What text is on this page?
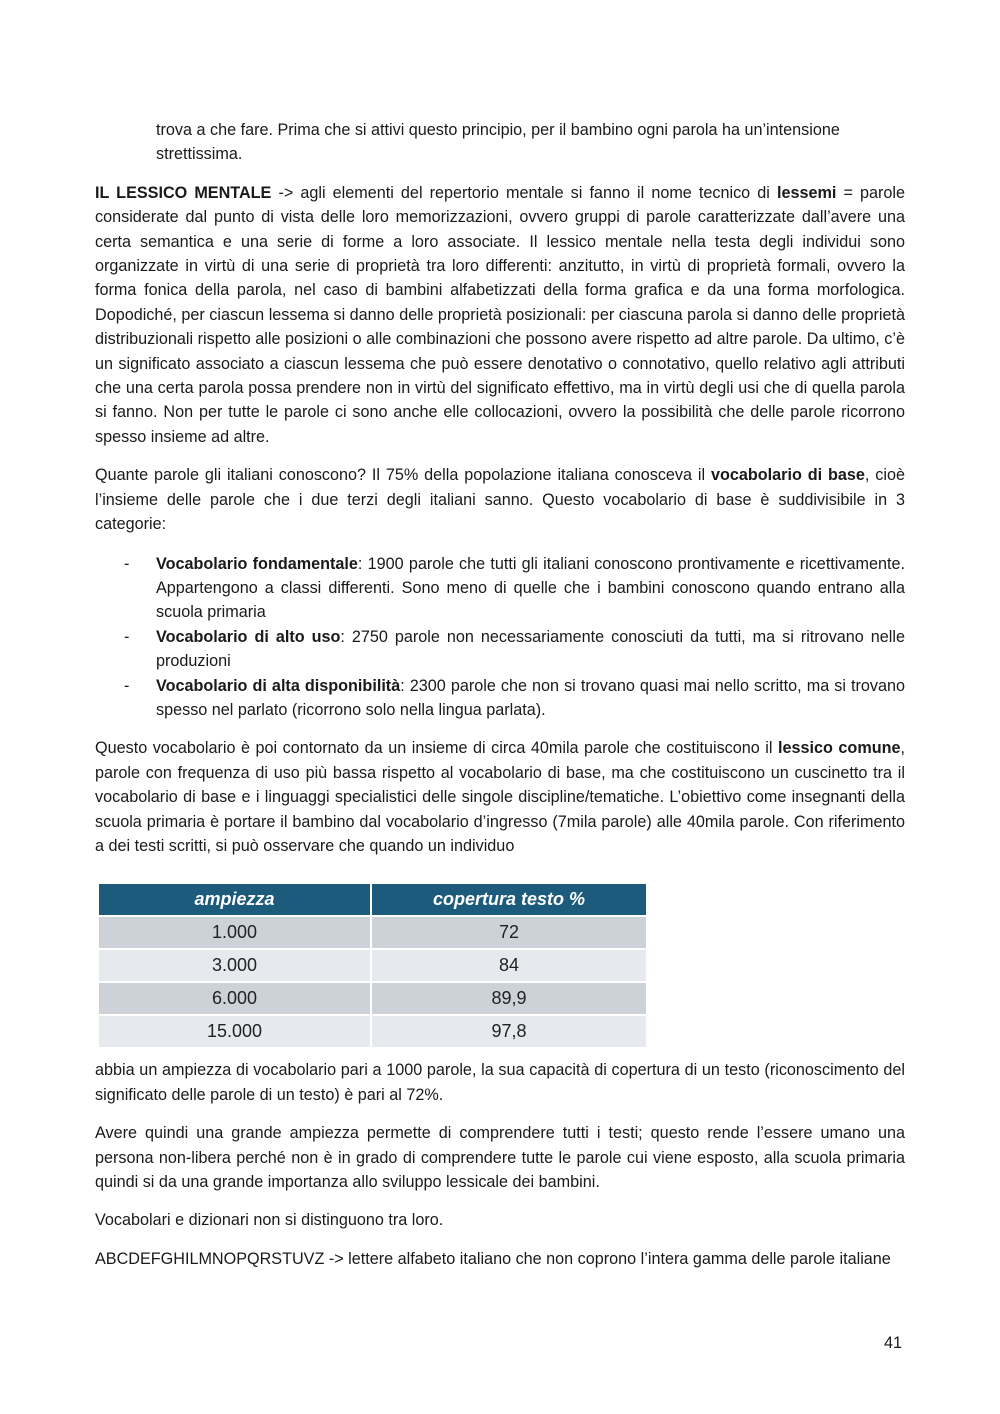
trova a che fare. Prima che si attivi questo principio, per il bambino ogni parola ha un’intensione strettissima.

IL LESSICO MENTALE -> agli elementi del repertorio mentale si fanno il nome tecnico di lessemi = parole considerate dal punto di vista delle loro memorizzazioni, ovvero gruppi di parole caratterizzate dall’avere una certa semantica e una serie di forme a loro associate. Il lessico mentale nella testa degli individui sono organizzate in virtù di una serie di proprietà tra loro differenti: anzitutto, in virtù di proprietà formali, ovvero la forma fonica della parola, nel caso di bambini alfabetizzati della forma grafica e da una forma morfologica. Dopodiché, per ciascun lessema si danno delle proprietà posizionali: per ciascuna parola si danno delle proprietà distribuzionali rispetto alle posizioni o alle combinazioni che possono avere rispetto ad altre parole. Da ultimo, c’è un significato associato a ciascun lessema che può essere denotativo o connotativo, quello relativo agli attributi che una certa parola possa prendere non in virtù del significato effettivo, ma in virtù degli usi che di quella parola si fanno. Non per tutte le parole ci sono anche elle collocazioni, ovvero la possibilità che delle parole ricorrono spesso insieme ad altre.

Quante parole gli italiani conoscono? Il 75% della popolazione italiana conosceva il vocabolario di base, cioè l’insieme delle parole che i due terzi degli italiani sanno. Questo vocabolario di base è suddivisibile in 3 categorie:

- Vocabolario fondamentale: 1900 parole che tutti gli italiani conoscono prontivamente e ricettivamente. Appartengono a classi differenti. Sono meno di quelle che i bambini conoscono quando entrano alla scuola primaria
- Vocabolario di alto uso: 2750 parole non necessariamente conosciuti da tutti, ma si ritrovano nelle produzioni
- Vocabolario di alta disponibilità: 2300 parole che non si trovano quasi mai nello scritto, ma si trovano spesso nel parlato (ricorrono solo nella lingua parlata).

Questo vocabolario è poi contornato da un insieme di circa 40mila parole che costituiscono il lessico comune, parole con frequenza di uso più bassa rispetto al vocabolario di base, ma che costituiscono un cuscinetto tra il vocabolario di base e i linguaggi specialistici delle singole discipline/tematiche. L’obiettivo come insegnanti della scuola primaria è portare il bambino dal vocabolario d’ingresso (7mila parole) alle 40mila parole. Con riferimento a dei testi scritti, si può osservare che quando un individuo

ampiezza	copertura testo %
1.000	72
3.000	84
6.000	89,9
15.000	97,8

abbia un ampiezza di vocabolario pari a 1000 parole, la sua capacità di copertura di un testo (riconoscimento del significato delle parole di un testo) è pari al 72%.

Avere quindi una grande ampiezza permette di comprendere tutti i testi; questo rende l’essere umano una persona non-libera perché non è in grado di comprendere tutte le parole cui viene esposto, alla scuola primaria quindi si da una grande importanza allo sviluppo lessicale dei bambini.

Vocabolari e dizionari non si distinguono tra loro.

ABCDEFGHILMNOPQRSTUVZ -> lettere alfabeto italiano che non coprono l’intera gamma delle parole italiane

41
